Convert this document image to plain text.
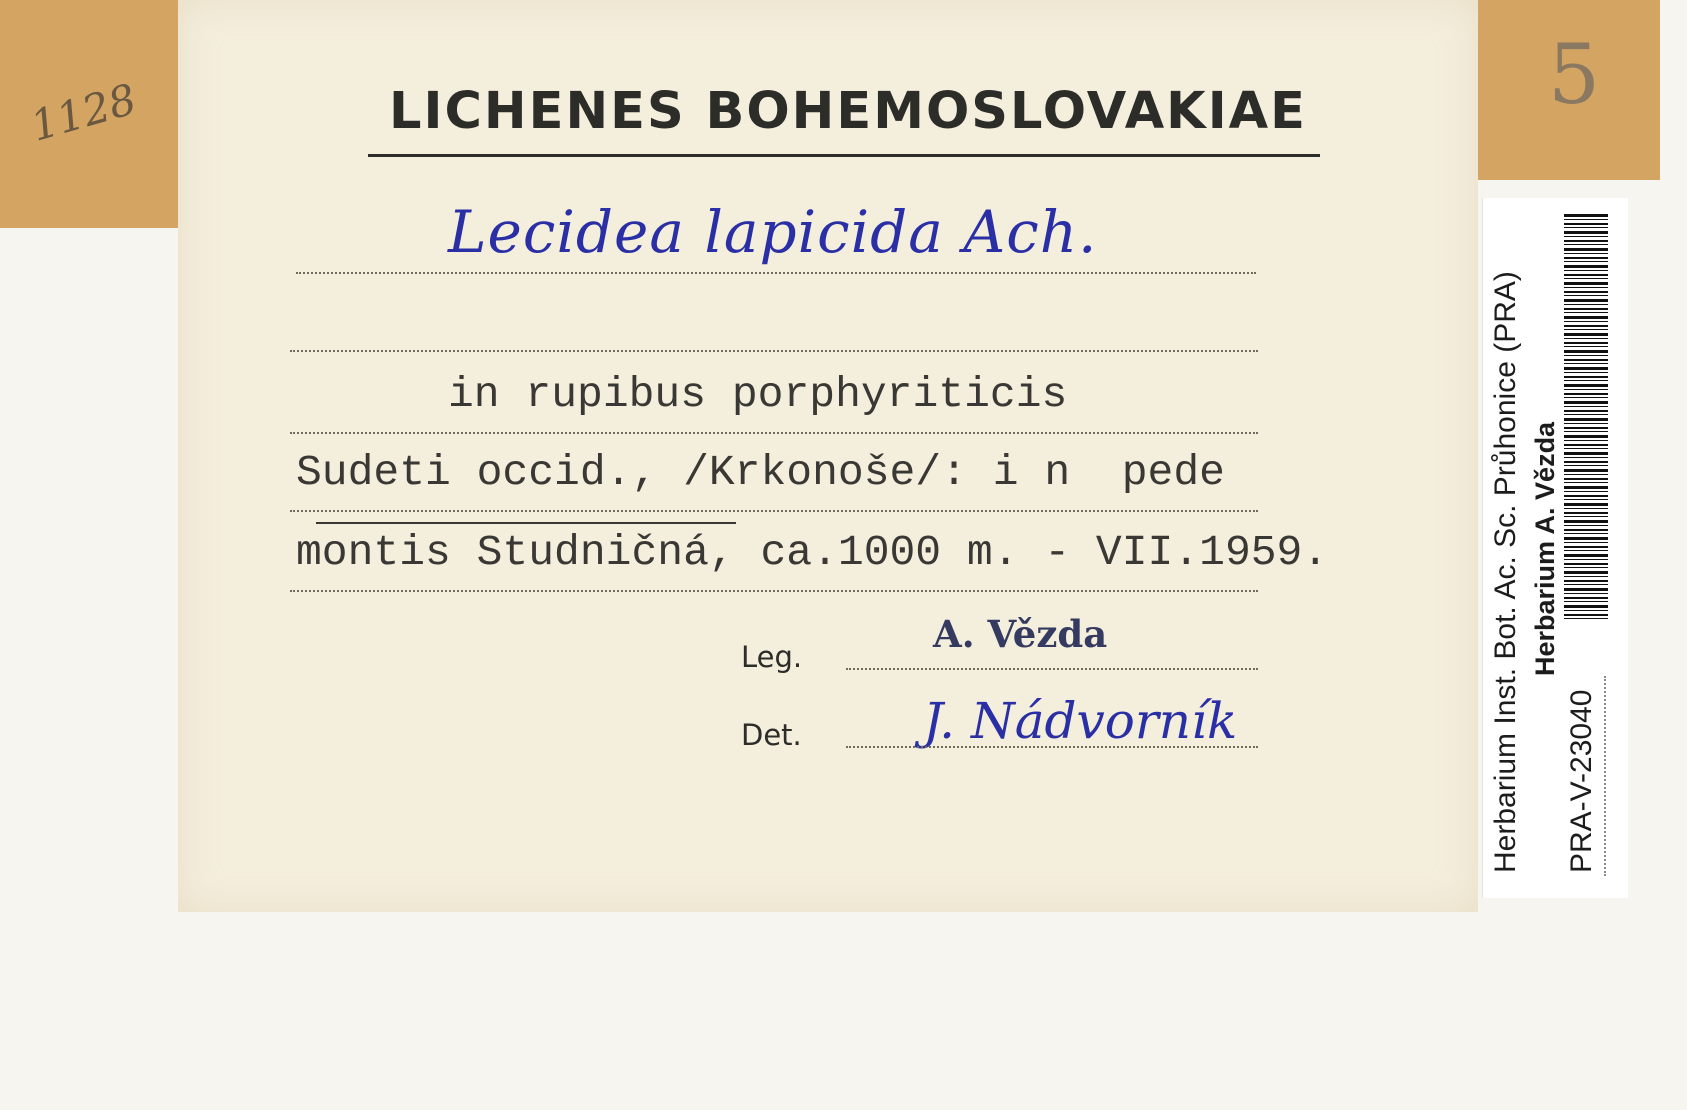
1128	5
LICHENES BOHEMOSLOVAKIAE
Lecidea lapicida Ach.
in rupibus porphyriticis
Sudeti occid., /Krkonoše/: i n  pede
montis Studničná, ca.1000 m. - VII.1959.
Leg.
A. Vězda
Det. J. Nádvorník	Herbarium Inst. Bot. Ac. Sc. Průhonice (PRA) Herbarium A. Vězda
PRA-V-23040
